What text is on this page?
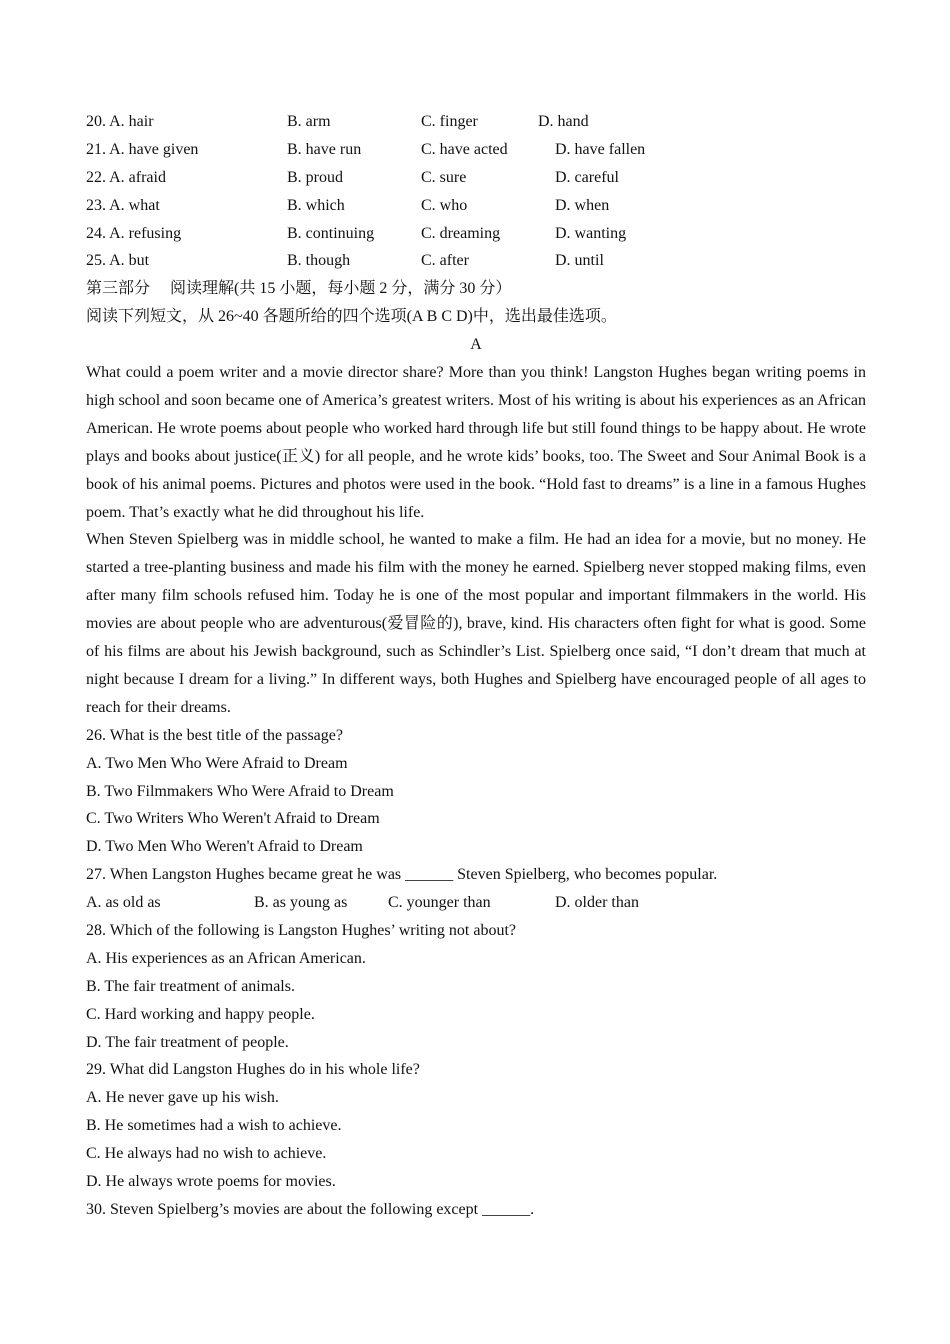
20. A. hair	B. arm	C. finger	D. hand
21. A. have given	B. have run	C. have acted	D. have fallen
22. A. afraid	B. proud	C. sure	D. careful
23. A. what	B. which	C. who	D. when
24. A. refusing	B. continuing	C. dreaming	D. wanting
25. A. but	B. though	C. after	D. until
第三部分　 阅读理解(共 15 小题，每小题 2 分，满分 30 分）
阅读下列短文，从 26~40 各题所给的四个选项(A B C D)中，选出最佳选项。
A
What could a poem writer and a movie director share? More than you think! Langston Hughes began writing poems in high school and soon became one of America’s greatest writers. Most of his writing is about his experiences as an African American. He wrote poems about people who worked hard through life but still found things to be happy about. He wrote plays and books about justice(正义) for all people, and he wrote kids’ books, too. The Sweet and Sour Animal Book is a book of his animal poems. Pictures and photos were used in the book. “Hold fast to dreams” is a line in a famous Hughes poem. That’s exactly what he did throughout his life.
When Steven Spielberg was in middle school, he wanted to make a film. He had an idea for a movie, but no money. He started a tree-planting business and made his film with the money he earned. Spielberg never stopped making films, even after many film schools refused him. Today he is one of the most popular and important filmmakers in the world. His movies are about people who are adventurous(爱冒险的), brave, kind. His characters often fight for what is good. Some of his films are about his Jewish background, such as Schindler’s List. Spielberg once said, “I don’t dream that much at night because I dream for a living.” In different ways, both Hughes and Spielberg have encouraged people of all ages to reach for their dreams.
26. What is the best title of the passage?
A. Two Men Who Were Afraid to Dream
B. Two Filmmakers Who Were Afraid to Dream
C. Two Writers Who Weren't Afraid to Dream
D. Two Men Who Weren't Afraid to Dream
27. When Langston Hughes became great he was ______ Steven Spielberg, who becomes popular.
A. as old as	B. as young as	C. younger than	D. older than
28. Which of the following is Langston Hughes’ writing not about?
A. His experiences as an African American.
B. The fair treatment of animals.
C. Hard working and happy people.
D. The fair treatment of people.
29. What did Langston Hughes do in his whole life?
A. He never gave up his wish.
B. He sometimes had a wish to achieve.
C. He always had no wish to achieve.
D. He always wrote poems for movies.
30. Steven Spielberg’s movies are about the following except ______.
